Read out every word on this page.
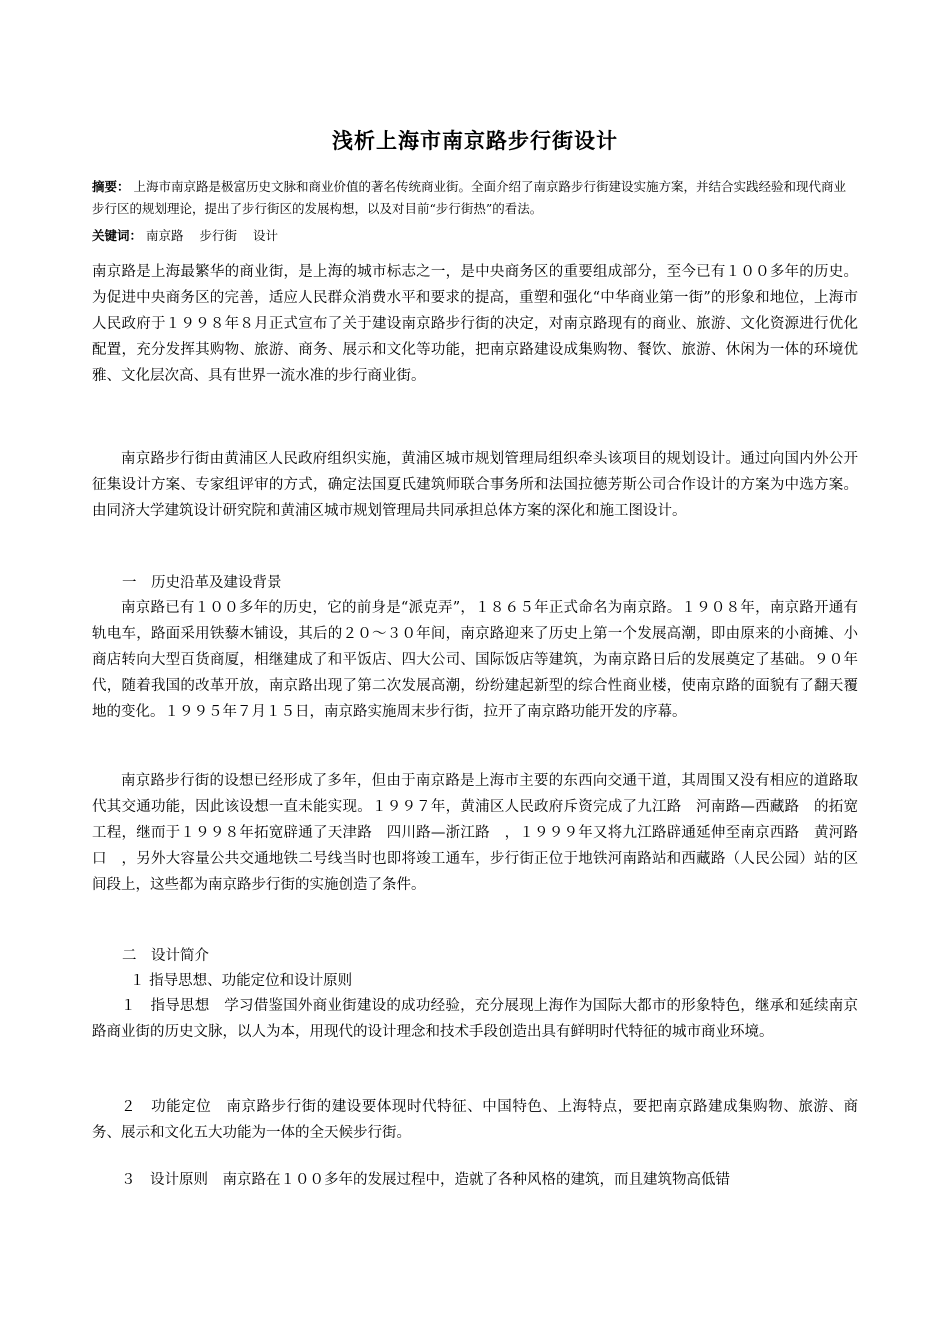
浅析上海市南京路步行街设计
摘要： 上海市南京路是极富历史文脉和商业价值的著名传统商业街。全面介绍了南京路步行街建设实施方案，并结合实践经验和现代商业步行区的规划理论，提出了步行街区的发展构想，以及对目前“步行街热”的看法。
关键词： 南京路 步行街 设计

南京路是上海最繁华的商业街，是上海的城市标志之一，是中央商务区的重要组成部分，至今已有１００多年的历史。为促进中央商务区的完善，适应人民群众消费水平和要求的提高，重塑和强化“中华商业第一街”的形象和地位，上海市人民政府于１９９８年８月正式宣布了关于建设南京路步行街的决定，对南京路现有的商业、旅游、文化资源进行优化配置，充分发挥其购物、旅游、商务、展示和文化等功能，把南京路建设成集购物、餐饮、旅游、休闲为一体的环境优雅、文化层次高、具有世界一流水准的步行商业街。

南京路步行街由黄浦区人民政府组织实施，黄浦区城市规划管理局组织牵头该项目的规划设计。通过向国内外公开征集设计方案、专家组评审的方式，确定法国夏氏建筑师联合事务所和法国拉德芳斯公司合作设计的方案为中选方案。由同济大学建筑设计研究院和黄浦区城市规划管理局共同承担总体方案的深化和施工图设计。

一　历史沿革及建设背景

南京路已有１００多年的历史，它的前身是“派克弄”，１８６５年正式命名为南京路。１９０８年，南京路开通有轨电车，路面采用铁藜木铺设，其后的２０～３０年间，南京路迎来了历史上第一个发展高潮，即由原来的小商摊、小商店转向大型百货商厦，相继建成了和平饭店、四大公司、国际饭店等建筑，为南京路日后的发展奠定了基础。９０年代，随着我国的改革开放，南京路出现了第二次发展高潮，纷纷建起新型的综合性商业楼，使南京路的面貌有了翻天覆地的变化。１９９５年７月１５日，南京路实施周末步行街，拉开了南京路功能开发的序幕。

南京路步行街的设想已经形成了多年，但由于南京路是上海市主要的东西向交通干道，其周围又没有相应的道路取代其交通功能，因此该设想一直未能实现。１９９７年，黄浦区人民政府斥资完成了九江路　河南路—西藏路　的拓宽工程，继而于１９９８年拓宽辟通了天津路　四川路—浙江路　，１９９９年又将九江路辟通延伸至南京西路　黄河路口　，另外大容量公共交通地铁二号线当时也即将竣工通车，步行街正位于地铁河南路站和西藏路（人民公园）站的区间段上，这些都为南京路步行街的实施创造了条件。

二　设计简介
１ 指导思想、功能定位和设计原则

１　指导思想　学习借鉴国外商业街建设的成功经验，充分展现上海作为国际大都市的形象特色，继承和延续南京路商业街的历史文脉，以人为本，用现代的设计理念和技术手段创造出具有鲜明时代特征的城市商业环境。

２　功能定位　南京路步行街的建设要体现时代特征、中国特色、上海特点，要把南京路建成集购物、旅游、商务、展示和文化五大功能为一体的全天候步行街。

３　设计原则　南京路在１００多年的发展过程中，造就了各种风格的建筑，而且建筑物高低错
